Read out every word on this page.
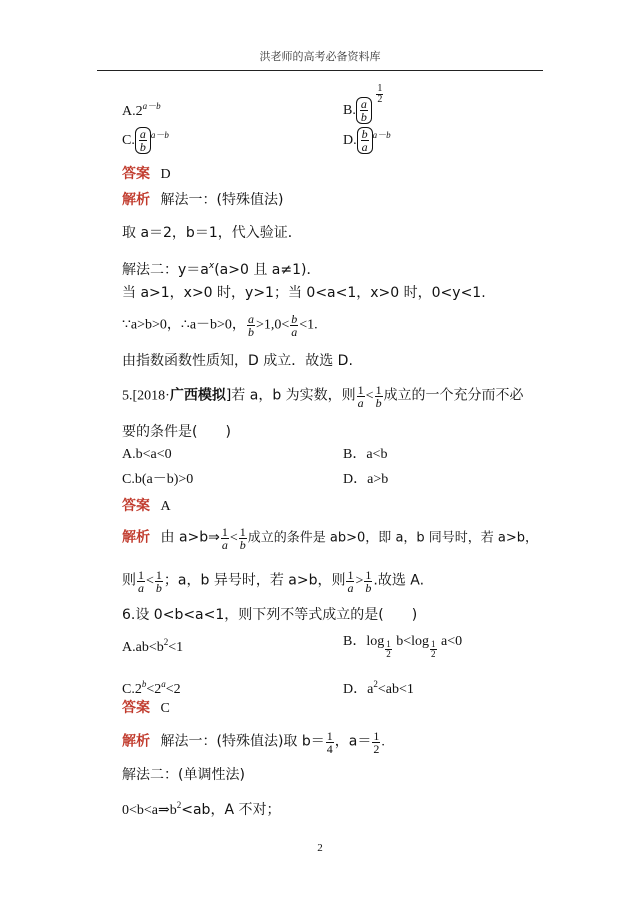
洪老师的高考必备资料库
$A.2^{a-b}$	B. $\frac{a}{b}$

$\frac{1}{2}$
C. $\frac{a}{b} ^{a-b}$	D. $\frac{b}{a} ^{a-b}$
答案 D
解析 解法一：(特殊值法)
取 a＝2，b＝1，代入验证．
解法二：$y=a^x(a>0$ 且 a≠1)．
当 a>1，x>0 时，y>1；当 0<a<1，x>0 时，0<y<1.
∵a>b>0，∴a－b>0， $\frac{a}{b} >1,0< \frac{b}{a} <1$.
由指数函数性质知，D 成立．故选 D.
5.[2018·广西模拟]若 a，b 为实数，则 $\frac{1}{a} < \frac{1}{b}$ 成立的一个充分而不必
要的条件是(　　)
A.b<a<0	B．a<b
C.b(a－b)>0	D．a>b
答案 A
解析 由 a>b⇒ $\frac{1}{a} < \frac{1}{b}$ 成立的条件是 ab>0，即 a，b 同号时，若 a>b，
则 $\frac{1}{a} < \frac{1}{b}$ ；a，b 异号时，若 a>b，则 $\frac{1}{a} > \frac{1}{b}$ .故选 A.
6.设 0<b<a<1，则下列不等式成立的是(　　)
$A.ab<b^2<1$	B．$\log \frac{1}{2} b<\log \frac{1}{2} a<0$
$C.2^b<2^a<2$	D．$a^2<ab<1$
答案 C
解析 解法一：(特殊值法)取 $b= \frac{1}{4}$ ，$a= \frac{1}{2}$ .
解法二：(单调性法)
$0<b<a\Rightarrow b^2<ab$，A 不对；
2
